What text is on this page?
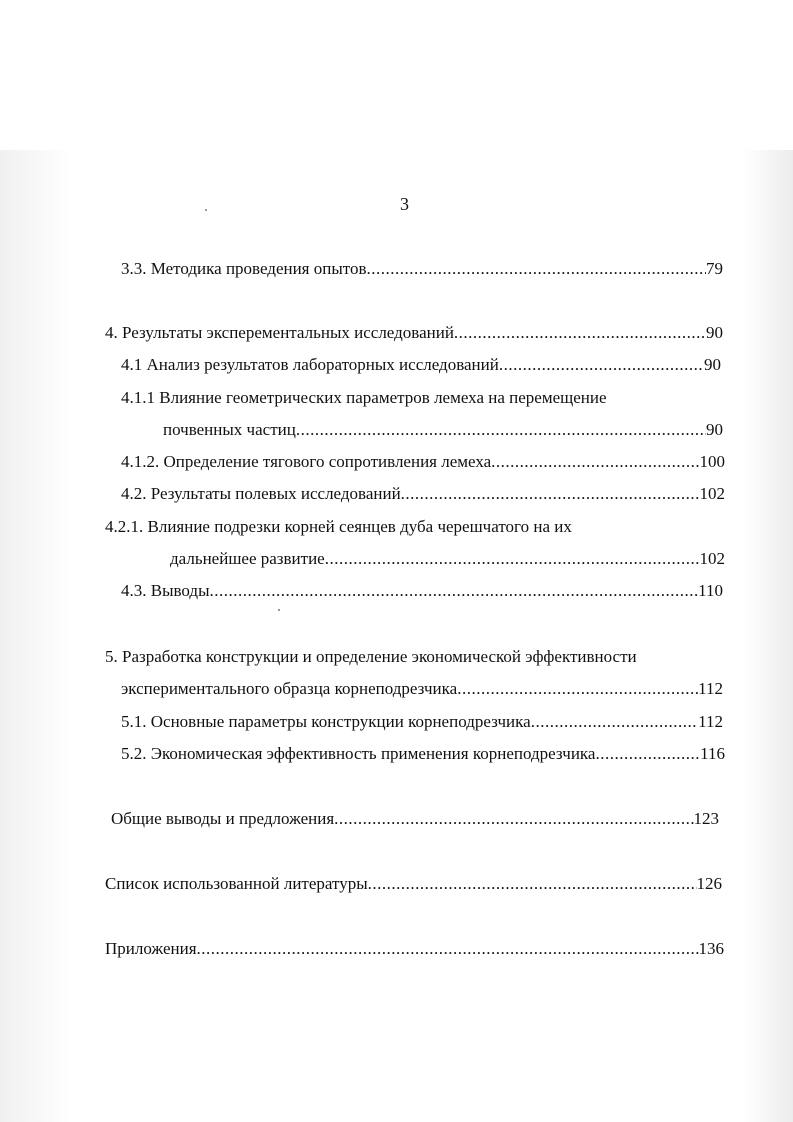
3
3.3. Методика проведения опытов .....	79
4. Результаты эксперементальных исследований .....	90
4.1 Анализ результатов лабораторных исследований .....	90
4.1.1 Влияние геометрических параметров лемеха на перемещение
почвенных частиц .....	90
4.1.2. Определение тягового сопротивления лемеха .....	100
4.2. Результаты полевых исследований .....	102
4.2.1. Влияние подрезки корней сеянцев дуба черешчатого на их
дальнейшее развитие .....	102
4.3. Выводы .....	110
5. Разработка конструкции и определение экономической эффективности
экспериментального образца корнеподрезчика .....	112
5.1. Основные параметры конструкции корнеподрезчика .....	112
5.2. Экономическая эффективность применения корнеподрезчика .....	116
Общие выводы и предложения .....	123
Список использованной литературы .....	126
Приложения .....	136
